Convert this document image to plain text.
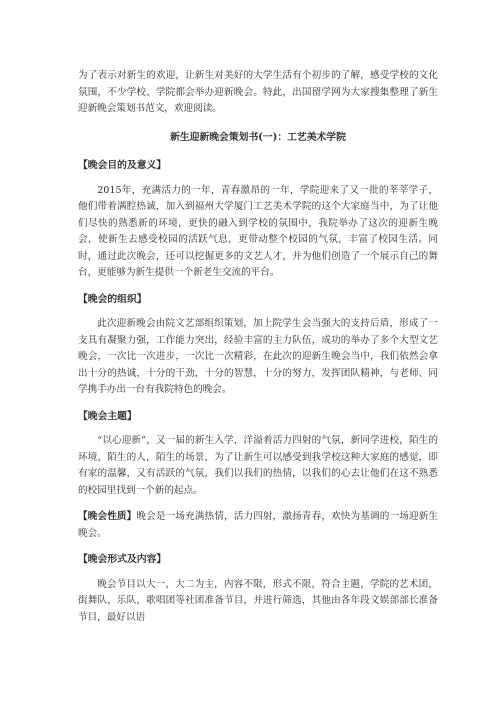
为了表示对新生的欢迎，让新生对美好的大学生活有个初步的了解，感受学校的文化氛围，不少学校、学院都会举办迎新晚会。特此，出国留学网为大家搜集整理了新生迎新晚会策划书范文，欢迎阅读。

新生迎新晚会策划书(一)：工艺美术学院

【晚会目的及意义】

2015年，充满活力的一年，青春激昂的一年，学院迎来了又一批的莘莘学子，他们带着满腔热诚，加入到福州大学厦门工艺美术学院的这个大家庭当中，为了让他们尽快的熟悉新的环境，更快的融入到学校的氛围中，我院举办了这次的迎新生晚会，使新生去感受校园的活跃气息，更带动整个校园的气氛，丰富了校园生活。同时，通过此次晚会，还可以挖掘更多的文艺人才，并为他们创造了一个展示自己的舞台，更能够为新生提供一个新老生交流的平台。

【晚会的组织】

此次迎新晚会由院文艺部组织策划，加上院学生会当强大的支持后盾，形成了一支具有凝聚力强，工作能力突出，经验丰富的主力队伍，成功的举办了多个大型文艺晚会，一次比一次进步，一次比一次精彩，在此次的迎新生晚会当中，我们依然会拿出十分的热诚，十分的干劲，十分的智慧，十分的努力，发挥团队精神，与老师、同学携手办出一台有我院特色的晚会。

【晚会主题】

“以心迎新”，又一届的新生入学，洋溢着活力四射的气氛，新同学进校，陌生的环境，陌生的人，陌生的场景，为了让新生可以感受到我学校这种大家庭的感觉，即有家的温馨，又有活跃的气氛，我们以我们的热情，以我们的心去让他们在这不熟悉的校园里找到一个新的起点。

【晚会性质】晚会是一场充满热情，活力四射，激扬青春，欢快为基调的一场迎新生晚会。

【晚会形式及内容】

晚会节目以大一，大二为主，内容不限，形式不限，符合主题，学院的艺术团，街舞队，乐队，歌唱团等社团准备节目，并进行筛选，其他由各年段文娱部部长准备节目，最好以语
